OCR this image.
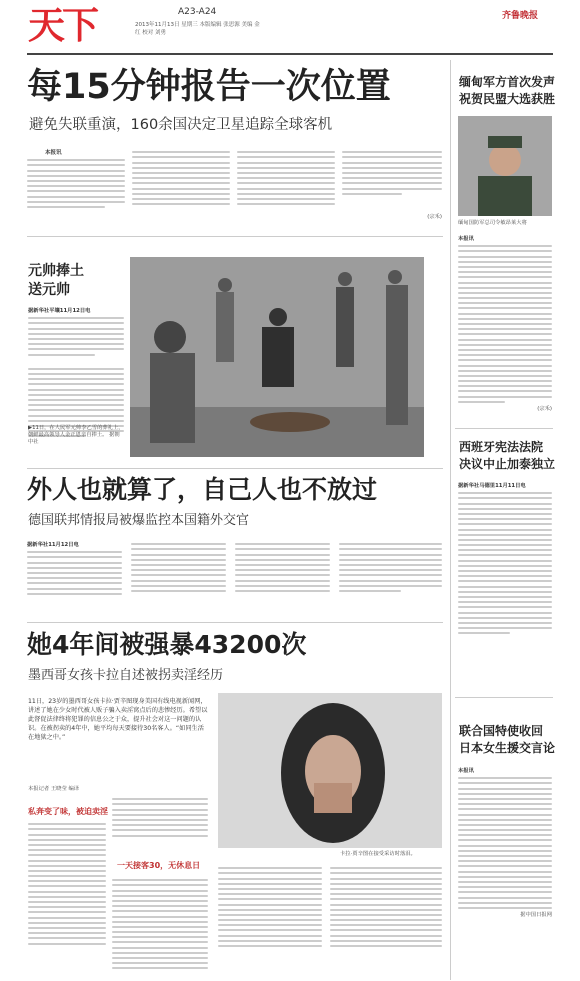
天下	A23-A24
2013年11月13日 星期三 本版编辑 张思源 美编 金红 校对 刘勇
齐鲁晚报
每15分钟报告一次位置
避免失联重演，160余国决定卫星追踪全球客机
本报讯
(宗禾)
元帅捧土
送元帅
据新华社平壤11月12日电
▶11日，在人民军元帅李乙雪的葬礼上，朝鲜最高领导人金正恩亲自捧土。 据朝中社
缅甸军方首次发声
祝贺民盟大选获胜
缅甸国防军总司令敏昂莱大将
本报讯
(宗禾)
西班牙宪法法院
决议中止加泰独立
据新华社马德里11月11日电
联合国特使收回
日本女生援交言论
本报讯
据中国日报网
外人也就算了，自己人也不放过
德国联邦情报局被爆监控本国籍外交官
据新华社11月12日电
她4年间被强暴43200次
墨西哥女孩卡拉自述被拐卖淫经历
11日，23岁的墨西哥女孩卡拉·贾辛图现身美国有线电视新闻网，讲述了她在少女时代被人贩子骗入卖淫窝点后的悲惨经历。希望以此督促法律终将犯罪的信息公之于众，提升社会对这一问题的认识。在被拐卖的4年中，她平均每天要接待30名客人。“如同生活在地狱之中。”
本报记者 王晓莹 编译
私奔变了味，被迫卖淫
一天接客30，无休息日
卡拉·贾辛图在接受采访时落泪。
